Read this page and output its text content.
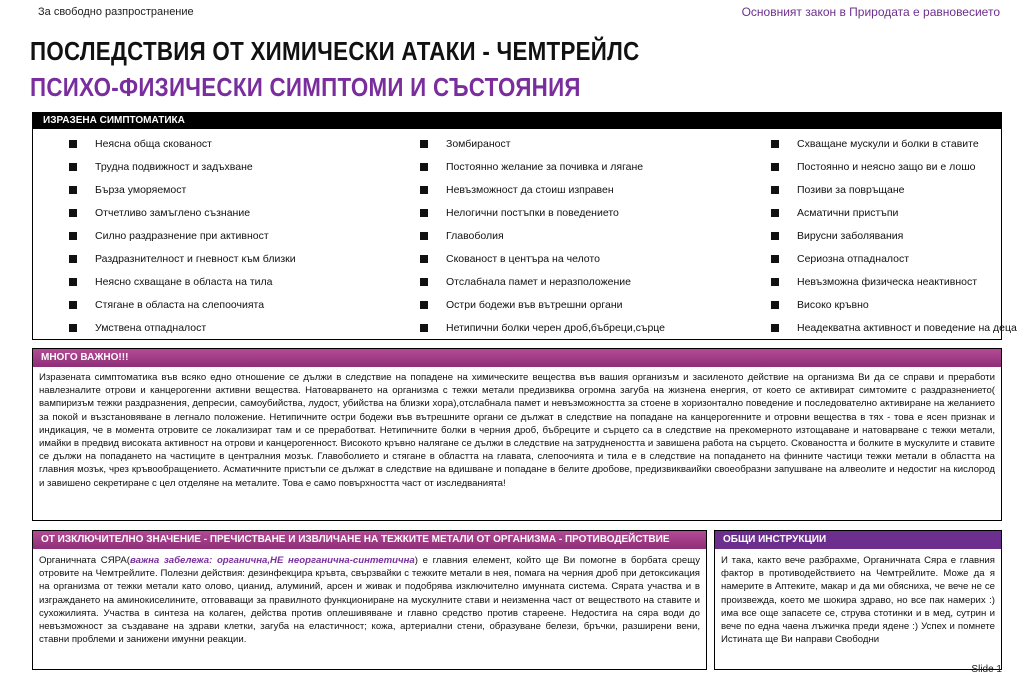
За свободно разпространение	Основният закон в Природата е равновесието
ПОСЛЕДСТВИЯ ОТ ХИМИЧЕСКИ АТАКИ - ЧЕМТРЕЙЛС
ПСИХО-ФИЗИЧЕСКИ СИМПТОМИ И СЪСТОЯНИЯ
ИЗРАЗЕНА СИМПТОМАТИКА
Неясна обща скованост
Трудна подвижност и задъхване
Бърза уморяемост
Отчетливо замъглено съзнание
Силно раздразнение при активност
Раздразнителност и гневност към близки
Неясно схващане в областа на тила
Стягане в областа на слепоочията
Умствена отпадналост
Зомбираност
Постоянно желание за почивка и лягане
Невъзможност да стоиш изправен
Нелогични постъпки в поведението
Главоболия
Скованост в центъра на челото
Отслабнала памет и неразположение
Остри бодежи във вътрешни органи
Нетипични болки черен дроб,бъбреци,сърце
Схващане мускули и болки в ставите
Постоянно и неясно защо ви е лошо
Позиви за повръщане
Асматични пристъпи
Вирусни заболявания
Сериозна отпадналост
Невъзможна физическа неактивност
Високо кръвно
Неадекватна активност и поведение на деца
МНОГО ВАЖНО!!!

Изразената симптоматика във всяко едно отношение се дължи в следствие на попадене на химическите вещества във вашия организъм и засиленото действие на организма Ви да се справи и преработи навлезналите отрови и канцерогенни активни вещества. Натоварването на организма с тежки метали предизвиква огромна загуба на жизнена енергия, от което се активират симтомите с раздразнението( вампиризъм тежки раздразнения, депресии, самоубийства, лудост, убийства на близки хора),отслабнала памет и невъзможността за стоене в хоризонтално поведение и последователно активиране на желанието за покой и възстановяване в легнало положение. Нетипичните остри бодежи във вътрешните органи се дължат в следствие на попадане на канцерогенните и отровни вещества в тях - това е ясен признак и индикация, че в момента отровите се локализират там и се преработват. Нетипичните болки в черния дроб, бъбреците и сърцето са в следствие на прекомерното изтощаване и натоварване с тежки метали, имайки в предвид високата активност на отрови и канцерогенност. Високото кръвно налягане се дължи в следствие на затруднеността и завишена работа на сърцето. Сковаността и болките в мускулите и ставите се дължи на попадането на частиците в централния мозък. Главоболието и стягане в областта на главата, слепоочията и тила е в следствие на попадането на финните частици тежки метали в областта на главния мозък, чрез кръвообращението. Асматичните пристъпи се дължат в следствие на вдишване и попадане в белите дробове, предизвикваийки своеобразни запушване на алвеолите и недостиг на кислород и завишено секретиране с цел отделяне на металите. Това е само повърхността част от изследванията!

ОТ ИЗКЛЮЧИТЕЛНО ЗНАЧЕНИЕ - ПРЕЧИСТВАНЕ И ИЗВЛИЧАНЕ НА ТЕЖКИТЕ МЕТАЛИ ОТ ОРГАНИЗМА - ПРОТИВОДЕЙСТВИЕ

Органичната СЯРА(важна забележа: органична,НЕ неорганична-синтетична) е главния елемент, който ще Ви помогне в борбата срещу отровите на Чемтрейлите. Полезни действия: дезинфекцира кръвта, свързвайки с тежките метали в нея, помага на черния дроб при детоксикация на организма от тежки метали като олово, цианид, алуминий, арсен и живак и подобрява изключително имунната система. Сярата участва и в изграждането на аминокиселините, отговаващи за правилното функциониране на мускулните стави и неизменна част от веществото на ставите и сухожилията. Участва в синтеза на колаген, действа против оплешивяване и главно средство против стареене. Недостига на сяра води до невъзможност за създаване на здрави клетки, загуба на еластичност; кожа, артериални стени, образуване белези, бръчки, разширени вени, ставни проблеми и занижени имунни реакции.

ОБЩИ ИНСТРУКЦИИ

И така, както вече разбрахме, Органичната Сяра е главния фактор в противодействието на Чемтрейлите. Може да я намерите в Аптеките, макар и да ми обясниха, че вече не се произвежда, което ме шокира здраво, но все пак намерих :) има все още запасете се, струва стотинки и в мед, сутрин и вече по една чаена лъжичка преди ядене :) Успех и помнете Истината ще Ви направи Свободни

Slide 1
